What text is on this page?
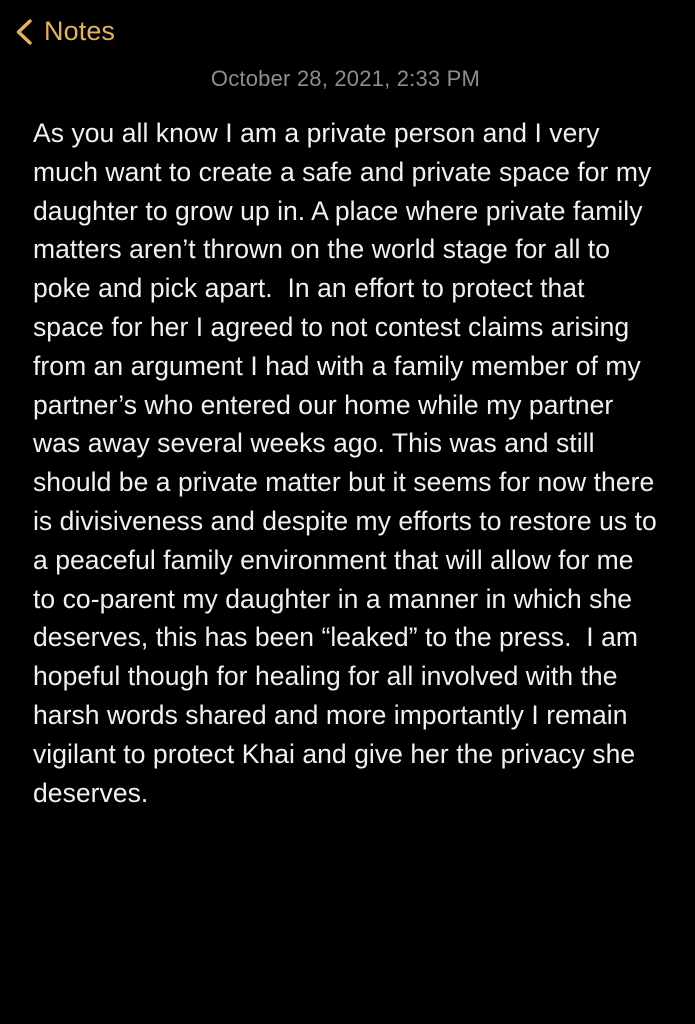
Notes
October 28, 2021, 2:33 PM
As you all know I am a private person and I very much want to create a safe and private space for my daughter to grow up in. A place where private family matters aren’t thrown on the world stage for all to poke and pick apart.  In an effort to protect that space for her I agreed to not contest claims arising from an argument I had with a family member of my partner’s who entered our home while my partner was away several weeks ago. This was and still should be a private matter but it seems for now there is divisiveness and despite my efforts to restore us to a peaceful family environment that will allow for me to co-parent my daughter in a manner in which she deserves, this has been “leaked” to the press.  I am hopeful though for healing for all involved with the harsh words shared and more importantly I remain vigilant to protect Khai and give her the privacy she deserves.
